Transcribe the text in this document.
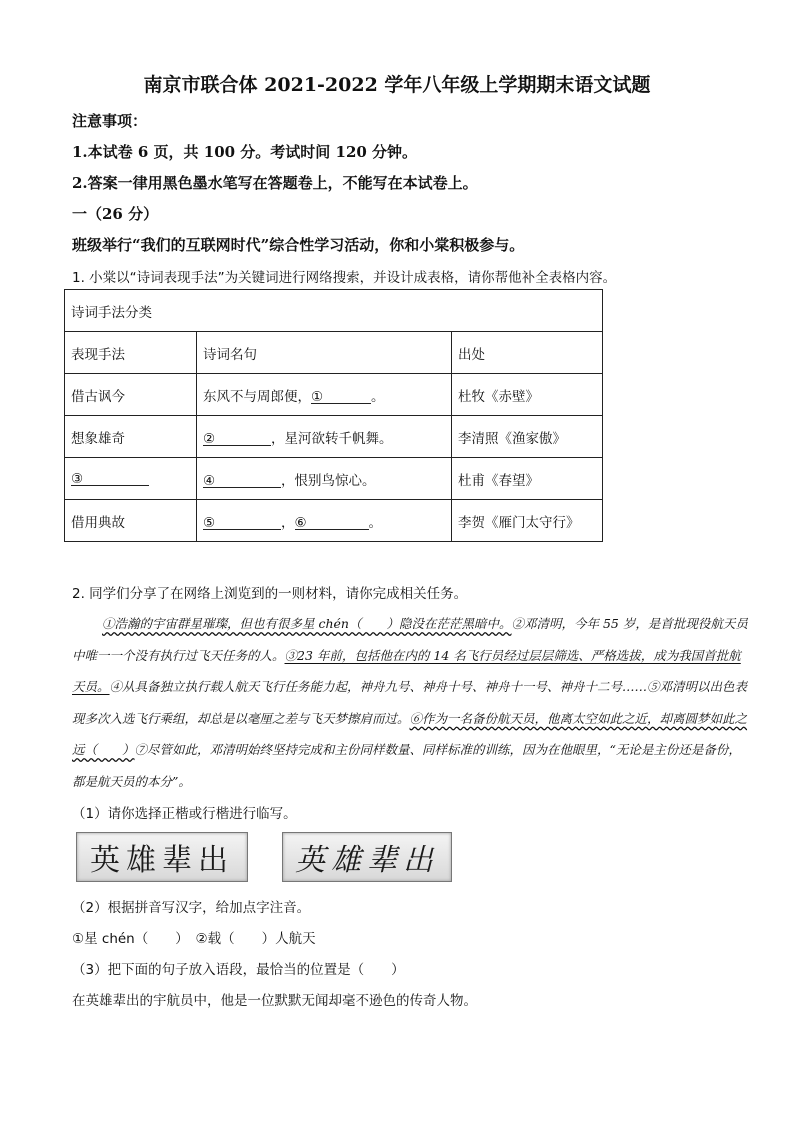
南京市联合体 2021-2022 学年八年级上学期期末语文试题
注意事项：
1.本试卷 6 页，共 100 分。考试时间 120 分钟。
2.答案一律用黑色墨水笔写在答题卷上，不能写在本试卷上。
一（26 分）
班级举行“我们的互联网时代”综合性学习活动，你和小棠积极参与。
1. 小棠以“诗词表现手法”为关键词进行网络搜索，并设计成表格，请你帮他补全表格内容。
诗词手法分类		
表现手法	诗词名句	出处
借古讽今	东风不与周郎便，① 。	杜牧《赤壁》
想象雄奇	② ，星河欲转千帆舞。	李清照《渔家傲》
③	④ ，恨别鸟惊心。	杜甫《春望》
借用典故	⑤ ，⑥ 。	李贺《雁门太守行》
2. 同学们分享了在网络上浏览到的一则材料，请你完成相关任务。
①浩瀚的宇宙群星璀璨，但也有很多星 chén（　　）隐没在茫茫黑暗中。②邓清明，今年 55 岁，是首批现役航天员中唯一一个没有执行过飞天任务的人。③23 年前，包括他在内的 14 名飞行员经过层层筛选、严格选拔，成为我国首批航天员。④从具备独立执行载人航天飞行任务能力起，神舟九号、神舟十号、神舟十一号、神舟十二号……⑤邓清明以出色表现多次入选飞行乘组，却总是以毫厘之差与飞天梦擦肩而过。⑥作为一名备份航天员，他离太空如此之近，却离圆梦如此之远（　　）⑦尽管如此，邓清明始终坚持完成和主份同样数量、同样标准的训练，因为在他眼里，“无论是主份还是备份，都是航天员的本分”。
（1）请你选择正楷或行楷进行临写。
英雄辈出	英雄辈出
（2）根据拼音写汉字，给加点字注音。
①星 chén（　　）　②载（　　）人航天
（3）把下面的句子放入语段，最恰当的位置是（　　）
在英雄辈出的宇航员中，他是一位默默无闻却毫不逊色的传奇人物。
